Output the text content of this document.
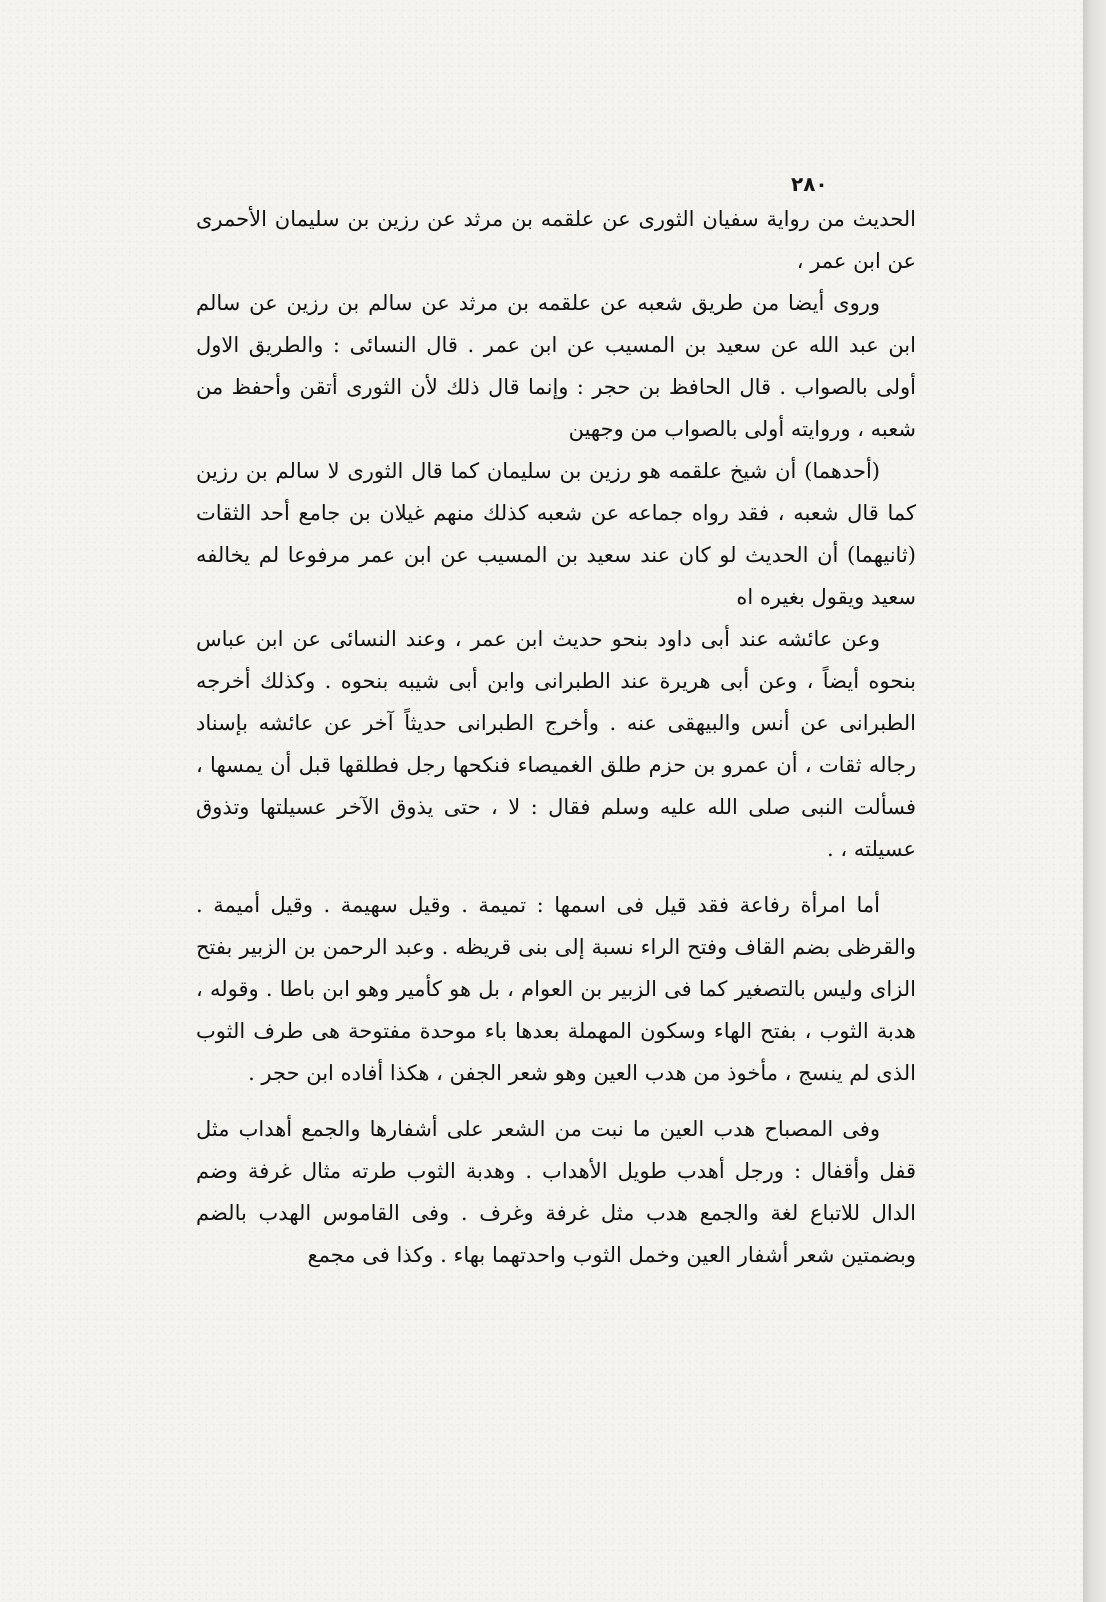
٢٨٠

الحديث من رواية سفيان الثورى عن علقمه بن مرثد عن رزين بن سليمان الأحمرى عن ابن عمر ،

وروى أيضا من طريق شعبه عن علقمه بن مرثد عن سالم بن رزين عن سالم ابن عبد الله عن سعيد بن المسيب عن ابن عمر . قال النسائى : والطريق الاول أولى بالصواب . قال الحافظ بن حجر : وإنما قال ذلك لأن الثورى أتقن وأحفظ من شعبه ، وروايته أولى بالصواب من وجهين

(أحدهما) أن شيخ علقمه هو رزين بن سليمان كما قال الثورى لا سالم بن رزين كما قال شعبه ، فقد رواه جماعه عن شعبه كذلك منهم غيلان بن جامع أحد الثقات (ثانيهما) أن الحديث لو كان عند سعيد بن المسيب عن ابن عمر مرفوعا لم يخالفه سعيد ويقول بغيره اه

وعن عائشه عند أبى داود بنحو حديث ابن عمر ، وعند النسائى عن ابن عباس بنحوه أيضاً ، وعن أبى هريرة عند الطبرانى وابن أبى شيبه بنحوه . وكذلك أخرجه الطبرانى عن أنس والبيهقى عنه . وأخرج الطبرانى حديثاً آخر عن عائشه بإسناد رجاله ثقات ، أن عمرو بن حزم طلق الغميصاء فنكحها رجل فطلقها قبل أن يمسها ، فسألت النبى صلى الله عليه وسلم فقال : لا ، حتى يذوق الآخر عسيلتها وتذوق عسيلته ، .

أما امرأة رفاعة فقد قيل فى اسمها : تميمة . وقيل سهيمة . وقيل أميمة . والقرظى بضم القاف وفتح الراء نسبة إلى بنى قريظه . وعبد الرحمن بن الزبير بفتح الزاى وليس بالتصغير كما فى الزبير بن العوام ، بل هو كأمير وهو ابن باطا . وقوله ، هدبة الثوب ، بفتح الهاء وسكون المهملة بعدها باء موحدة مفتوحة هى طرف الثوب الذى لم ينسج ، مأخوذ من هدب العين وهو شعر الجفن ، هكذا أفاده ابن حجر .

وفى المصباح هدب العين ما نبت من الشعر على أشفارها والجمع أهداب مثل قفل وأقفال : ورجل أهدب طويل الأهداب . وهدبة الثوب طرته مثال غرفة وضم الدال للاتباع لغة والجمع هدب مثل غرفة وغرف . وفى القاموس الهدب بالضم وبضمتين شعر أشفار العين وخمل الثوب واحدتهما بهاء . وكذا فى مجمع
